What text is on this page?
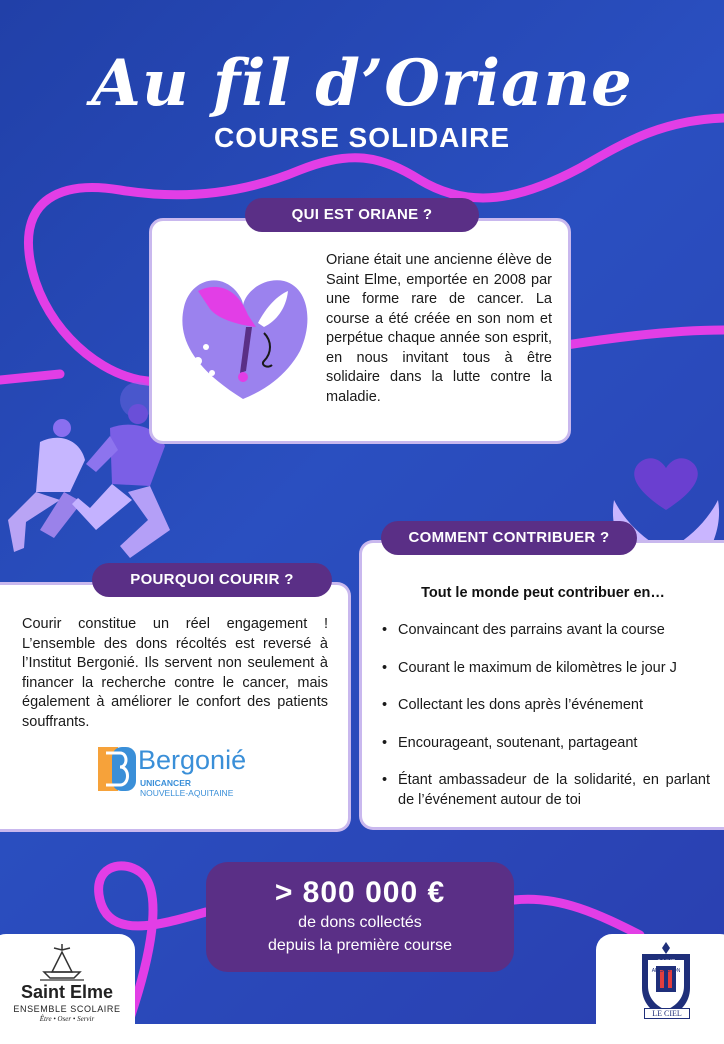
Au fil d’Oriane
COURSE SOLIDAIRE
Oriane était une ancienne élève de Saint Elme, emportée en 2008 par une forme rare de cancer. La course a été créée en son nom et perpétue chaque année son esprit, en nous invitant tous à être solidaire dans la lutte contre la maladie.
QUI EST ORIANE ?
Courir constitue un réel engagement ! L’ensemble des dons récoltés est reversé à l’Institut Bergonié. Ils servent non seulement à financer la recherche contre le cancer, mais également à améliorer le confort des patients souffrants.
Bergonié
UNICANCER
NOUVELLE-AQUITAINE
POURQUOI COURIR ?
Tout le monde peut contribuer en…
• Convaincant des parrains avant la course
• Courant le maximum de kilomètres le jour J
• Collectant les dons après l’événement
• Encourageant, soutenant, partageant
• Étant ambassadeur de la solidarité, en parlant de l’événement autour de toi
COMMENT CONTRIBUER ?
> 800 000 €
de dons collectés
depuis la première course
Saint Elme
ENSEMBLE SCOLAIRE
Être • Oser • Servir
SAINT
ARCACHON
LE CIEL
